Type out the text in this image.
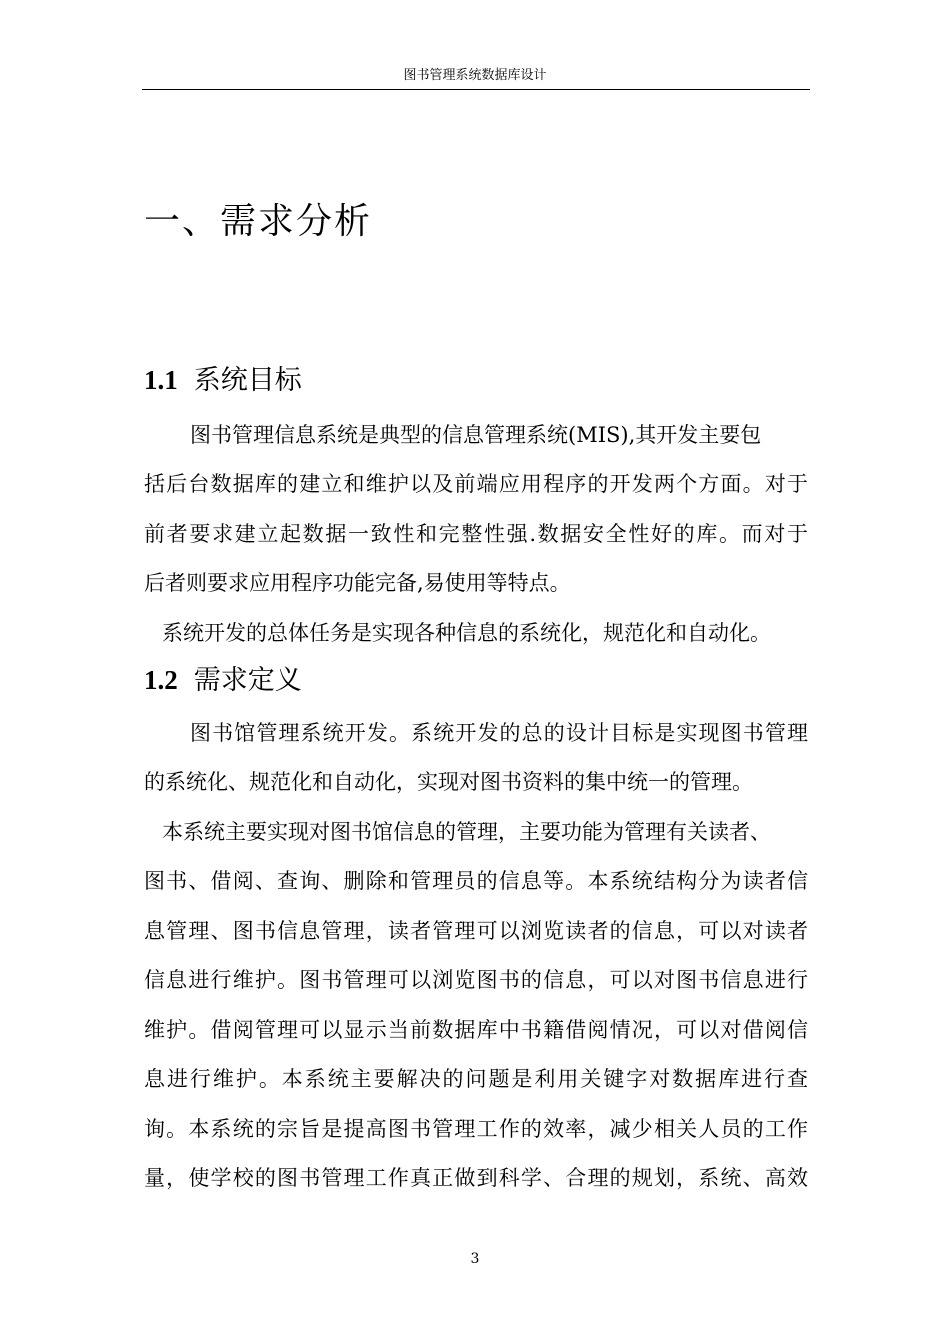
图书管理系统数据库设计
一、需求分析
1.1 系统目标

图书管理信息系统是典型的信息管理系统(MIS),其开发主要包

括后台数据库的建立和维护以及前端应用程序的开发两个方面。对于

前者要求建立起数据一致性和完整性强.数据安全性好的库。而对于

后者则要求应用程序功能完备,易使用等特点。

系统开发的总体任务是实现各种信息的系统化，规范化和自动化。

1.2 需求定义

图书馆管理系统开发。系统开发的总的设计目标是实现图书管理

的系统化、规范化和自动化，实现对图书资料的集中统一的管理。

本系统主要实现对图书馆信息的管理，主要功能为管理有关读者、

图书、借阅、查询、删除和管理员的信息等。本系统结构分为读者信

息管理、图书信息管理，读者管理可以浏览读者的信息，可以对读者

信息进行维护。图书管理可以浏览图书的信息，可以对图书信息进行

维护。借阅管理可以显示当前数据库中书籍借阅情况，可以对借阅信

息进行维护。本系统主要解决的问题是利用关键字对数据库进行查

询。本系统的宗旨是提高图书管理工作的效率，减少相关人员的工作

量，使学校的图书管理工作真正做到科学、合理的规划，系统、高效

3
